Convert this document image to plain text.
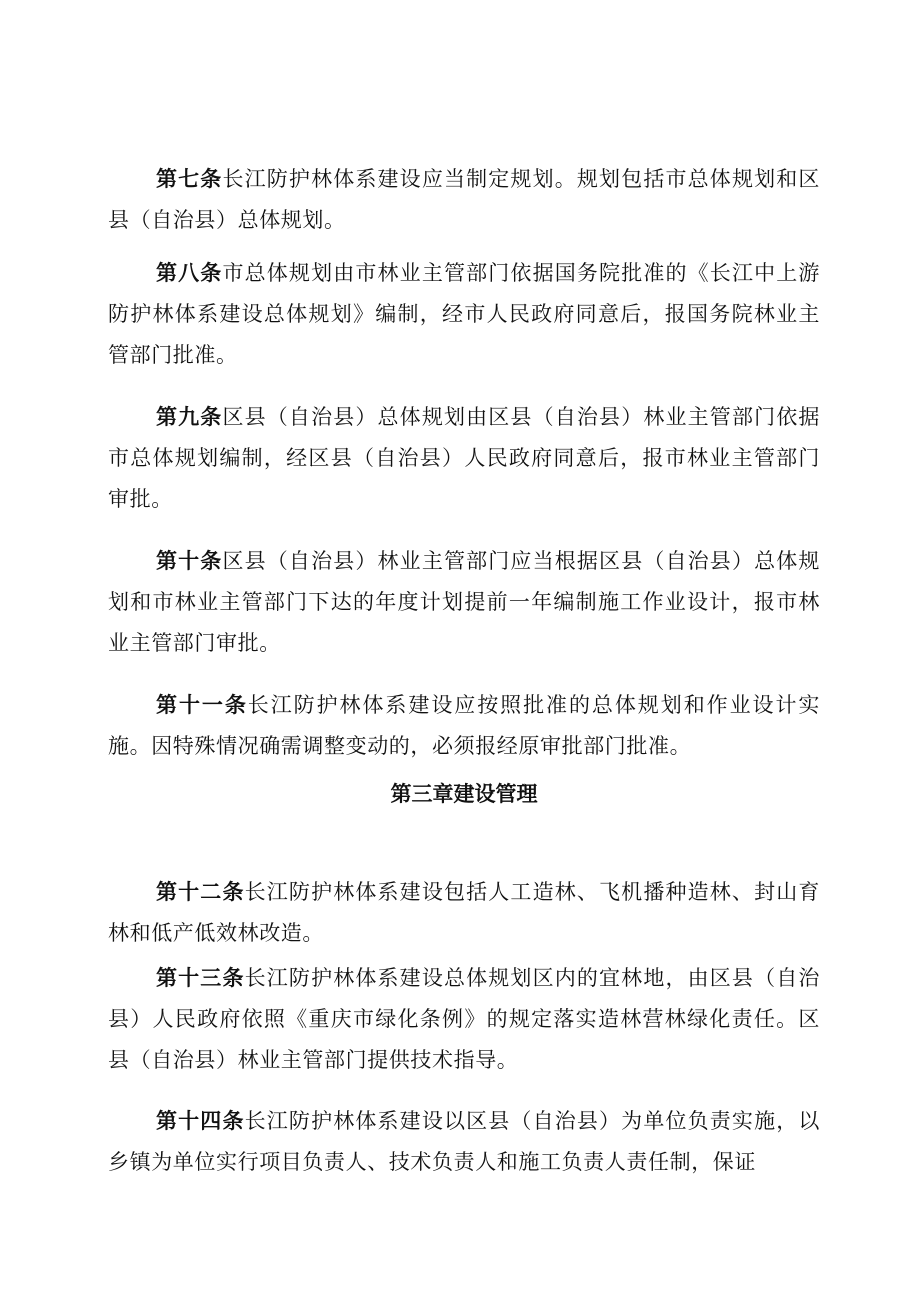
第七条长江防护林体系建设应当制定规划。规划包括市总体规划和区县（自治县）总体规划。

第八条市总体规划由市林业主管部门依据国务院批准的《长江中上游防护林体系建设总体规划》编制，经市人民政府同意后，报国务院林业主管部门批准。

第九条区县（自治县）总体规划由区县（自治县）林业主管部门依据市总体规划编制，经区县（自治县）人民政府同意后，报市林业主管部门审批。

第十条区县（自治县）林业主管部门应当根据区县（自治县）总体规划和市林业主管部门下达的年度计划提前一年编制施工作业设计，报市林业主管部门审批。

第十一条长江防护林体系建设应按照批准的总体规划和作业设计实施。因特殊情况确需调整变动的，必须报经原审批部门批准。

第三章建设管理

第十二条长江防护林体系建设包括人工造林、飞机播种造林、封山育林和低产低效林改造。

第十三条长江防护林体系建设总体规划区内的宜林地，由区县（自治县）人民政府依照《重庆市绿化条例》的规定落实造林营林绿化责任。区县（自治县）林业主管部门提供技术指导。

第十四条长江防护林体系建设以区县（自治县）为单位负责实施，以乡镇为单位实行项目负责人、技术负责人和施工负责人责任制，保证
